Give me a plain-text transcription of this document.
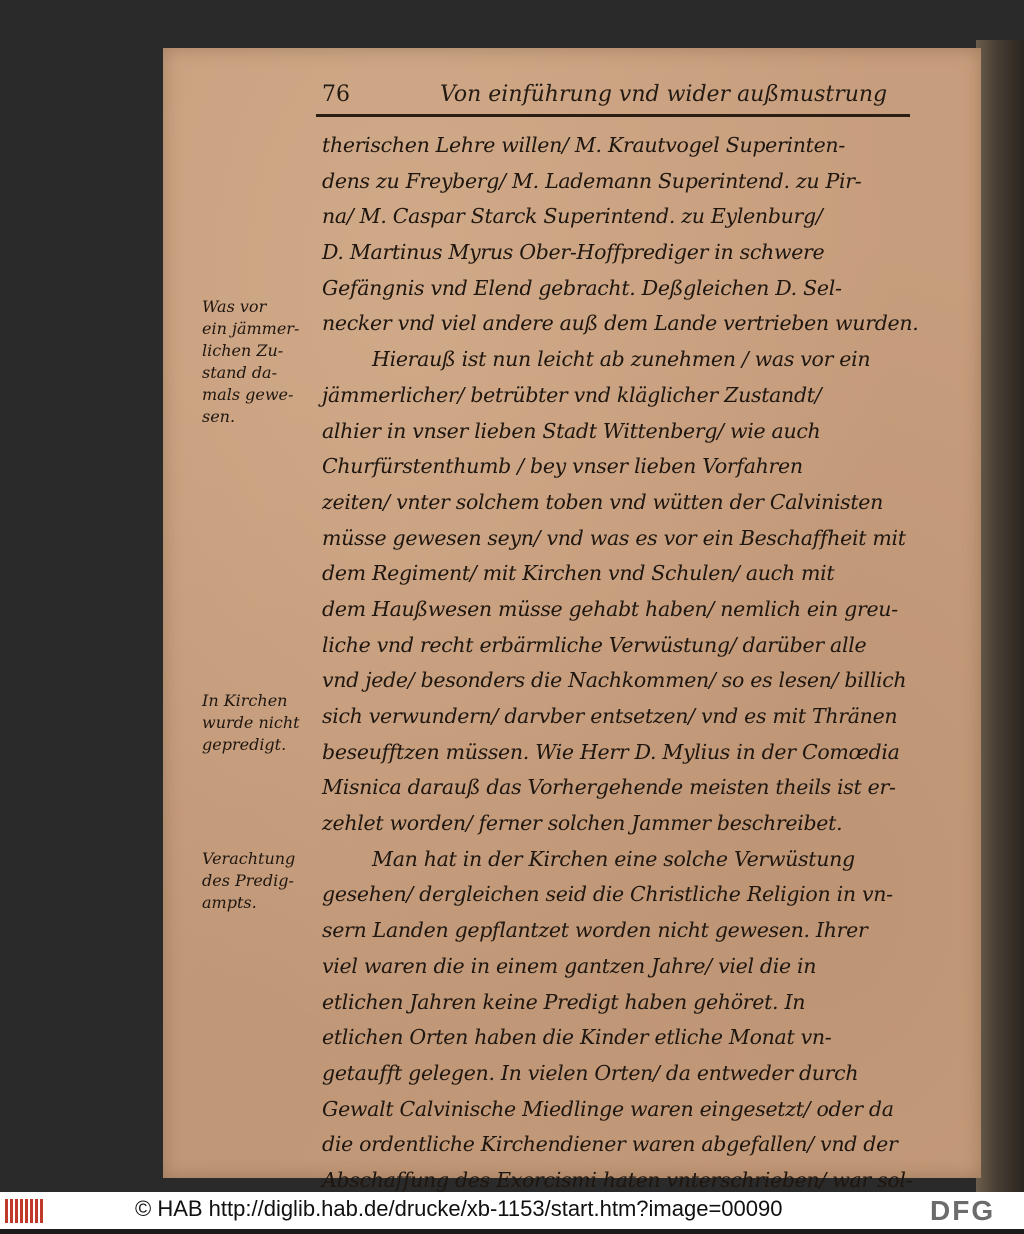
76	Von einführung vnd wider außmustrung
Was vor
ein jämmer-
lichen Zu-
stand da-
mals gewe-
sen.
In Kirchen
wurde nicht
gepredigt.
Verachtung
des Predig-
ampts.
therischen Lehre willen/ M. Krautvogel Superinten-
dens zu Freyberg/ M. Lademann Superintend. zu Pir-
na/ M. Caspar Starck Superintend. zu Eylenburg/
D. Martinus Myrus Ober-Hoffprediger in schwere
Gefängnis vnd Elend gebracht. Deßgleichen D. Sel-
necker vnd viel andere auß dem Lande vertrieben wurden.
Hierauß ist nun leicht ab zunehmen / was vor ein
jämmerlicher/ betrübter vnd kläglicher Zustandt/
alhier in vnser lieben Stadt Wittenberg/ wie auch
Churfürstenthumb / bey vnser lieben Vorfahren
zeiten/ vnter solchem toben vnd wütten der Calvinisten
müsse gewesen seyn/ vnd was es vor ein Beschaffheit mit
dem Regiment/ mit Kirchen vnd Schulen/ auch mit
dem Haußwesen müsse gehabt haben/ nemlich ein greu-
liche vnd recht erbärmliche Verwüstung/ darüber alle
vnd jede/ besonders die Nachkommen/ so es lesen/ billich
sich verwundern/ darvber entsetzen/ vnd es mit Thränen
beseufftzen müssen. Wie Herr D. Mylius in der Comœdia
Misnica darauß das Vorhergehende meisten theils ist er-
zehlet worden/ ferner solchen Jammer beschreibet.
Man hat in der Kirchen eine solche Verwüstung
gesehen/ dergleichen seid die Christliche Religion in vn-
sern Landen gepflantzet worden nicht gewesen. Ihrer
viel waren die in einem gantzen Jahre/ viel die in
etlichen Jahren keine Predigt haben gehöret. In
etlichen Orten haben die Kinder etliche Monat vn-
getaufft gelegen. In vielen Orten/ da entweder durch
Gewalt Calvinische Miedlinge waren eingesetzt/ oder da
die ordentliche Kirchendiener waren abgefallen/ vnd der
Abschaffung des Exorcismi haten vnterschrieben/ war sol-
© HAB http://diglib.hab.de/drucke/xb-1153/start.htm?image=00090	DFG
